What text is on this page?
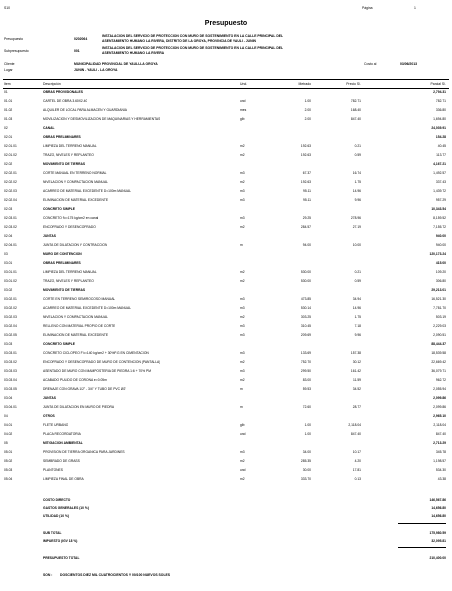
S10	Página	1
Presupuesto
Presupuesto	0202064
INSTALACION DEL SERVICIO DE PROTECCION CON MURO DE SOSTENIMIENTO EN LA CALLE PRINCIPAL DEL
ASENTAMIENTO HUMANO LA RIVERA, DISTRITO DE LA OROYA, PROVINCIA DE YAULI - JUNIN
Subpresupuesto	001
INSTALACION DEL SERVICIO DE PROTECCION CON MURO DE SOSTENIMIENTO EN LA CALLE PRINCIPAL DEL
ASENTAMIENTO HUMANO LA RIVERA
Cliente	MUNICIPALIDAD PROVINCIAL DE YAULI-LA OROYA	Costo al	03/06/2013
Lugar	JUNIN - YAULI - LA OROYA
Item	Descripción	Und.	Metrado	Precio S/.	Parcial S/.
01	OBRAS PROVISIONALES	2,794.31
01.01	CARTEL DE OBRA 3.60X2.40	und	1.00	782.71	782.71
01.02	ALQUILER DE LOCAL PARA ALMACEN Y GUARDIANIA	mes	2.00	168.40	336.80
01.03	MOVILIZACION Y DESMOVILIZACION DE MAQUINARIAS Y HERRAMIENTAS	glb	2.00	847.40	1,694.80
02	CANAL	24,039.91
02.01	OBRAS PRELIMINARES	154.28
02.01.01	LIMPIEZA DEL TERRENO MANUAL	m2	192.63	0.21	40.45
02.01.02	TRAZO, NIVELES Y REPLANTEO	m2	192.63	0.59	113.77
02.02	MOVIMIENTO DE TIERRAS	4,167.21
02.02.01	CORTE MANUAL EN TERRENO NORMAL	m3	67.37	16.74	1,492.57
02.02.02	NIVELACION Y COMPACTACION MANUAL	m2	192.63	1.75	337.43
02.02.03	ACARREO DE MATERIAL EXCEDENTE D=100m MANUAL	m3	95.11	14.96	1,439.72
02.02.04	ELIMINACION DE MATERIAL EXCEDENTE	m3	95.11	9.96	957.29
02.03	CONCRETO SIMPLE	10,343.54
02.03.01	CONCRETO f'c=175 kg/cm2 en canal	m3	29.25	278.96	8,159.52
02.03.02	ENCOFRADO Y DESENCOFRADO	m2	284.57	27.19	7,155.72
02.04	JUNTAS	940.00
02.04.01	JUNTA DE DILATACION Y CONTRACCION	m	94.00	10.00	940.00
03	MURO DE CONTENCION	120,173.24
03.01	OBRAS PRELIMINARES	415.00
03.01.01	LIMPIEZA DEL TERRENO MANUAL	m2	530.00	0.21	109.20
03.01.02	TRAZO, NIVELES Y REPLANTEO	m2	530.00	0.59	306.80
03.02	MOVIMIENTO DE TIERRAS	29,213.01
03.02.01	CORTE EN TERRENO SEMIROCOSO MANUAL	m3	473.85	34.94	16,521.30
03.02.02	ACARREO DE MATERIAL EXCEDENTE D=100m MANUAL	m3	530.14	14.96	7,781.70
03.02.03	NIVELACION Y COMPACTACION MANUAL	m2	303.25	1.75	503.19
03.02.04	RELLENO CON MATERIAL PROPIO DE CORTE	m3	310.45	7.18	2,229.03
03.02.05	ELIMINACION DE MATERIAL EXCEDENTE	m3	209.69	9.96	2,090.51
03.03	CONCRETO SIMPLE	88,444.37
03.03.01	CONCRETO CICLOPEO F'c=140 kg/cm2 + 30%P.G EN CIMENTACION	m3	133.69	157.38	18,539.58
03.03.02	ENCOFRADO Y DESENCOFRADO DE MURO DE CONTENCION (PANTALLA)	m2	752.70	30.12	22,669.42
03.03.03	ASENTADO DE MURO CON MAMPOSTERIA DE PIEDRA 1:6 + 70% PM	m3	299.50	161.42	36,079.71
03.03.04	ACABADO PULIDO DE CORONA e=0.05m	m2	83.00	11.59	962.72
03.03.05	DRENAJE CON GRAVA 1/2" - 3/4" Y TUBO DE PVC Ø2"	m	59.53	34.52	2,055.94
03.04	JUNTAS	2,099.86
03.04.01	JUNTA DE DILATACION EN MURO DE PIEDRA	m	72.60	28.77	2,099.86
04	OTROS	2,965.10
04.01	FLETE URBANO	glb	1.00	2,118.04	2,118.04
04.02	PLACA RECORDATORIA	und	1.00	847.40	847.40
05	MITIGACION AMBIENTAL	2,713.29
05.01	PROVISION DE TIERRA ORGANICA PARA JARDINES	m3	34.00	10.17	345.78
05.02	SEMBRADO DE GRASS	m2	285.35	4.20	1,198.57
05.03	PLANTONES	und	30.00	17.81	534.30
05.04	LIMPIEZA FINAL DE OBRA	m2	333.70	0.13	43.38
COSTO DIRECTO	146,567.86
GASTOS GENERALES (10 %)	14,656.80
UTILIDAD (10 %)	14,656.80
SUB TOTAL	175,980.59
IMPUESTO (IGV 18 %)	32,095.81
PRESUPUESTO TOTAL	210,400.00
SON : DOSCIENTOS DIEZ MIL CUATROCIENTOS Y 00/100 NUEVOS SOLES
